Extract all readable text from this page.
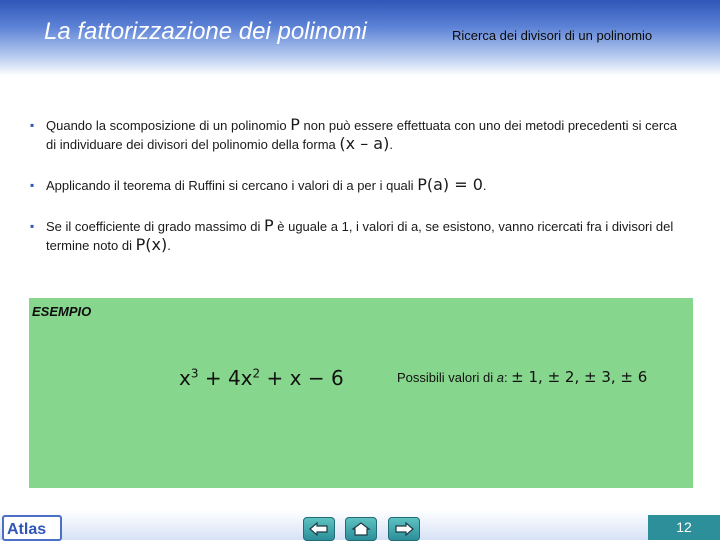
La fattorizzazione dei polinomi	Ricerca dei divisori di un polinomio
▪ Quando la scomposizione di un polinomio P non può essere effettuata con uno dei metodi precedenti si cerca di individuare dei divisori del polinomio della forma (x – a).
▪ Applicando il teorema di Ruffini si cercano i valori di a per i quali P(a) = 0.
▪ Se il coefficiente di grado massimo di P è uguale a 1, i valori di a, se esistono, vanno ricercati fra i divisori del termine noto di P(x).
ESEMPIO
$x^3 + 4x^2 + x - 6$	Possibili valori di a: ± 1, ± 2, ± 3, ± 6
Atlas	12
